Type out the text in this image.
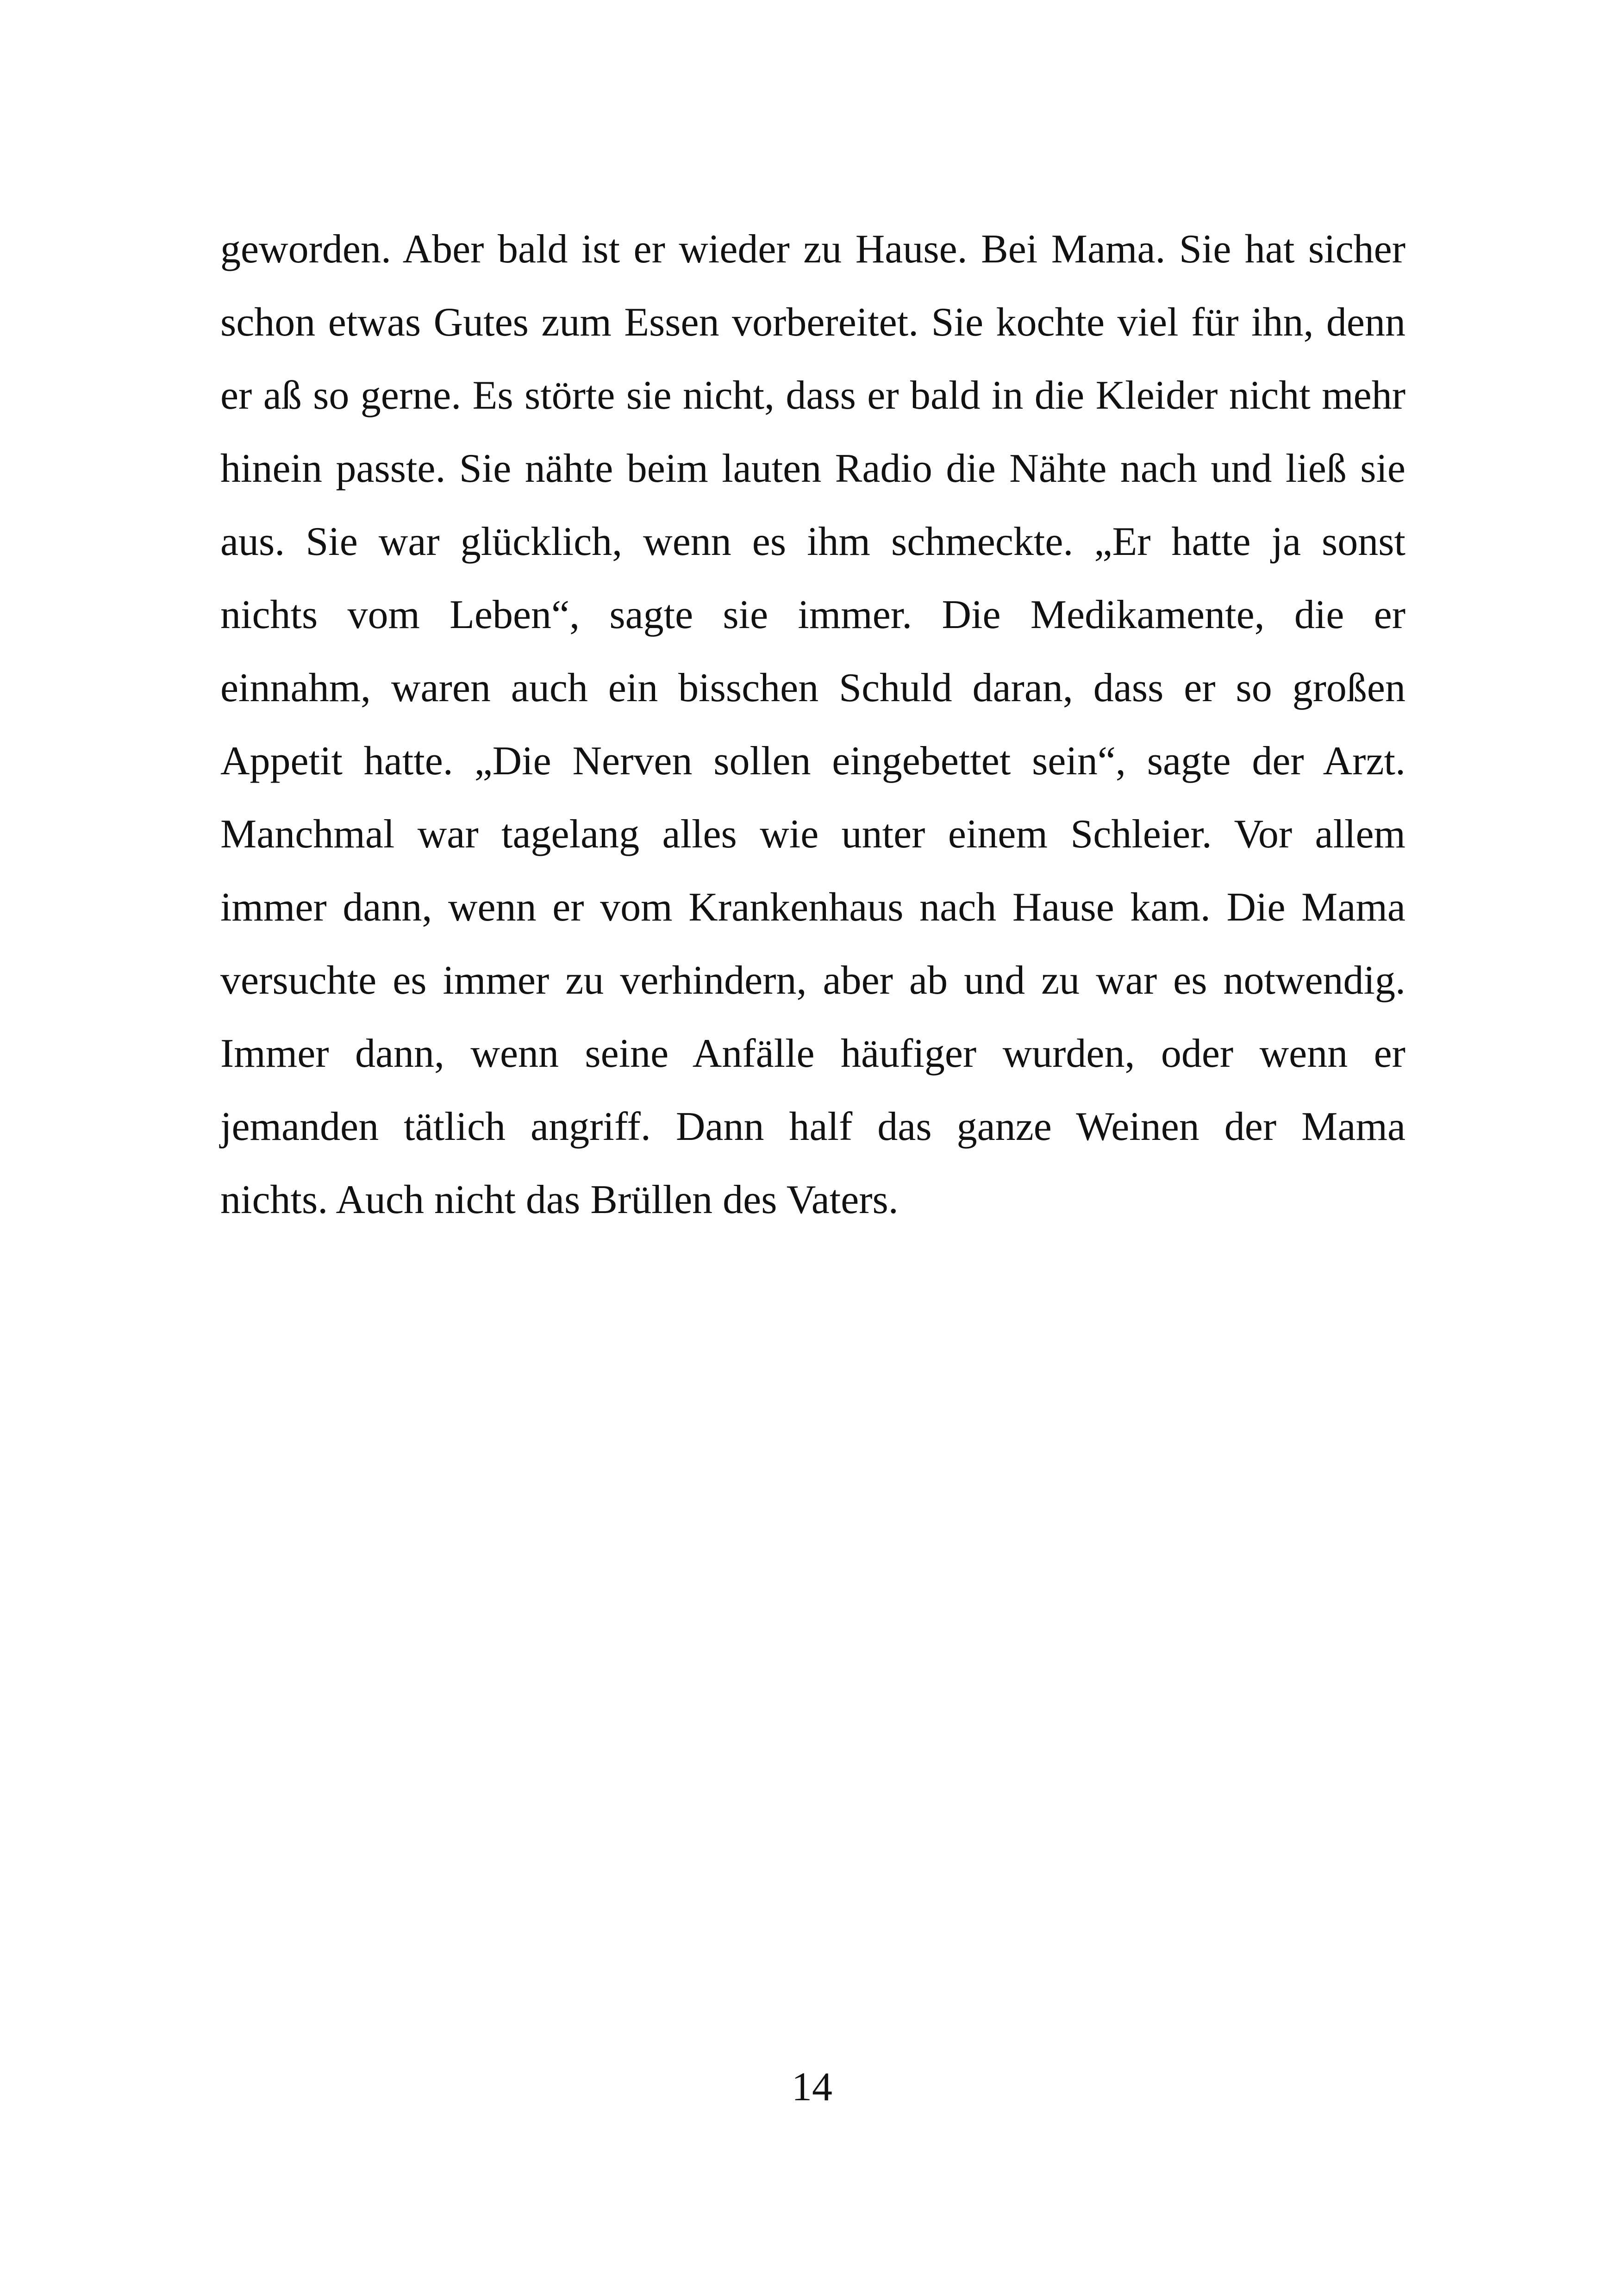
geworden. Aber bald ist er wieder zu Hause. Bei Mama. Sie hat sicher
schon etwas Gutes zum Essen vorbereitet. Sie kochte viel für ihn, denn
er aß so gerne. Es störte sie nicht, dass er bald in die Kleider nicht mehr
hinein passte. Sie nähte beim lauten Radio die Nähte nach und ließ sie
aus. Sie war glücklich, wenn es ihm schmeckte. „Er hatte ja sonst
nichts vom Leben“, sagte sie immer. Die Medikamente, die er
einnahm, waren auch ein bisschen Schuld daran, dass er so großen
Appetit hatte. „Die Nerven sollen eingebettet sein“, sagte der Arzt.
Manchmal war tagelang alles wie unter einem Schleier. Vor allem
immer dann, wenn er vom Krankenhaus nach Hause kam. Die Mama
versuchte es immer zu verhindern, aber ab und zu war es notwendig.
Immer dann, wenn seine Anfälle häufiger wurden, oder wenn er
jemanden tätlich angriff. Dann half das ganze Weinen der Mama
nichts. Auch nicht das Brüllen des Vaters.
14
